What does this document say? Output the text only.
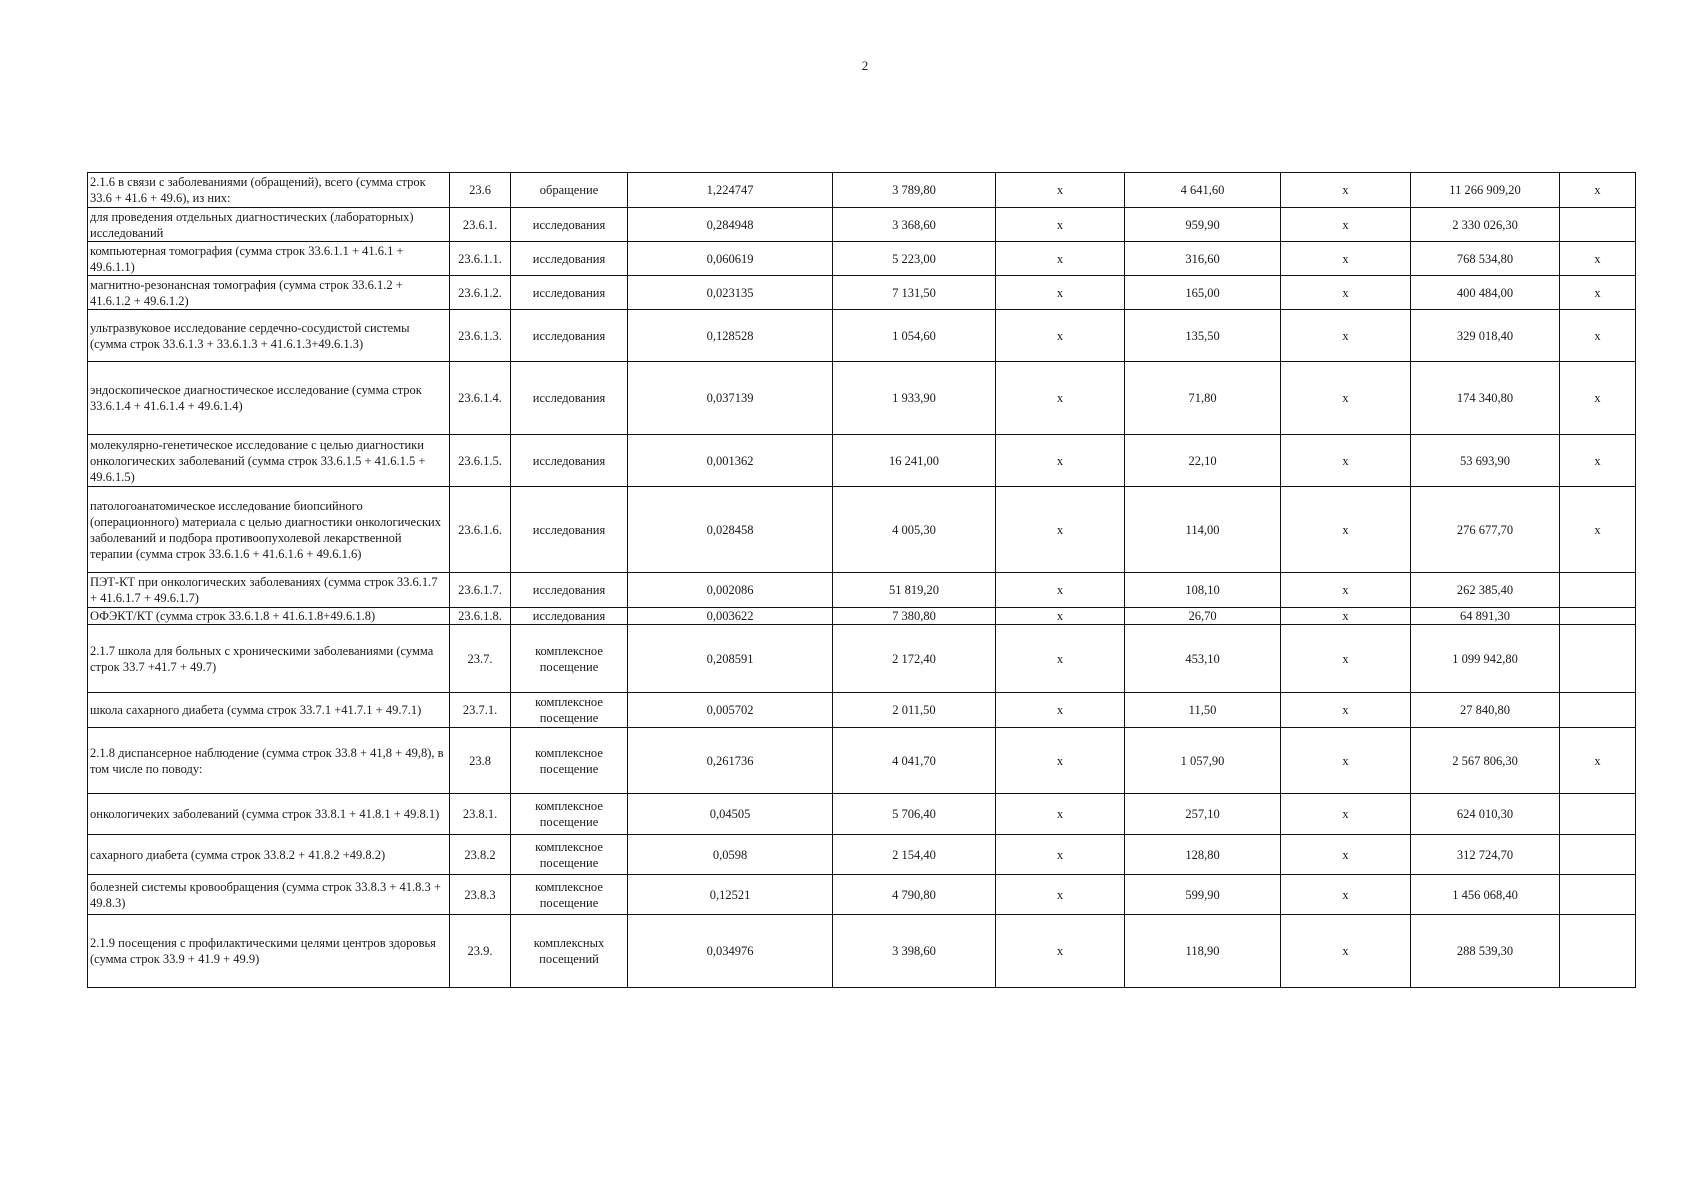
2
2.1.6 в связи с заболеваниями (обращений), всего (сумма строк 33.6 + 41.6 + 49.6), из них:	23.6	обращение	1,224747	3 789,80	х	4 641,60	х	11 266 909,20	х
для проведения отдельных диагностических (лабораторных) исследований	23.6.1.	исследования	0,284948	3 368,60	х	959,90	х	2 330 026,30	
компьютерная томография (сумма строк 33.6.1.1 + 41.6.1 + 49.6.1.1)	23.6.1.1.	исследования	0,060619	5 223,00	х	316,60	х	768 534,80	х
магнитно-резонансная томография (сумма строк 33.6.1.2 + 41.6.1.2 + 49.6.1.2)	23.6.1.2.	исследования	0,023135	7 131,50	х	165,00	х	400 484,00	х
ультразвуковое исследование сердечно-сосудистой системы (сумма строк 33.6.1.3 + 33.6.1.3 + 41.6.1.3+49.6.1.3)	23.6.1.3.	исследования	0,128528	1 054,60	х	135,50	х	329 018,40	х
эндоскопическое диагностическое исследование (сумма строк 33.6.1.4 + 41.6.1.4 + 49.6.1.4)	23.6.1.4.	исследования	0,037139	1 933,90	х	71,80	х	174 340,80	х
молекулярно-генетическое исследование с целью диагностики онкологических заболеваний (сумма строк 33.6.1.5 + 41.6.1.5 + 49.6.1.5)	23.6.1.5.	исследования	0,001362	16 241,00	х	22,10	х	53 693,90	х
патологоанатомическое исследование биопсийного (операционного) материала с целью диагностики онкологических заболеваний и подбора противоопухолевой лекарственной терапии (сумма строк 33.6.1.6 + 41.6.1.6 + 49.6.1.6)	23.6.1.6.	исследования	0,028458	4 005,30	х	114,00	х	276 677,70	х
ПЭТ-КТ при онкологических заболеваниях (сумма строк 33.6.1.7 + 41.6.1.7 + 49.6.1.7)	23.6.1.7.	исследования	0,002086	51 819,20	х	108,10	х	262 385,40	
ОФЭКТ/КТ (сумма строк 33.6.1.8 + 41.6.1.8+49.6.1.8)	23.6.1.8.	исследования	0,003622	7 380,80	х	26,70	х	64 891,30	
2.1.7 школа для больных с хроническими заболеваниями (сумма строк 33.7 +41.7 + 49.7)	23.7.	комплексное посещение	0,208591	2 172,40	х	453,10	х	1 099 942,80	
школа сахарного диабета (сумма строк 33.7.1 +41.7.1 + 49.7.1)	23.7.1.	комплексное посещение	0,005702	2 011,50	х	11,50	х	27 840,80	
2.1.8 диспансерное наблюдение (сумма строк 33.8 + 41,8 + 49,8), в том числе по поводу:	23.8	комплексное посещение	0,261736	4 041,70	х	1 057,90	х	2 567 806,30	х
онкологичеких заболеваний (сумма строк 33.8.1 + 41.8.1 + 49.8.1)	23.8.1.	комплексное посещение	0,04505	5 706,40	х	257,10	х	624 010,30	
сахарного диабета (сумма строк 33.8.2 + 41.8.2 +49.8.2)	23.8.2	комплексное посещение	0,0598	2 154,40	х	128,80	х	312 724,70	
болезней системы кровообращения (сумма строк 33.8.3 + 41.8.3 + 49.8.3)	23.8.3	комплексное посещение	0,12521	4 790,80	х	599,90	х	1 456 068,40	
2.1.9 посещения с профилактическими целями центров здоровья (сумма строк 33.9 + 41.9 + 49.9)	23.9.	комплексных посещений	0,034976	3 398,60	х	118,90	х	288 539,30	
